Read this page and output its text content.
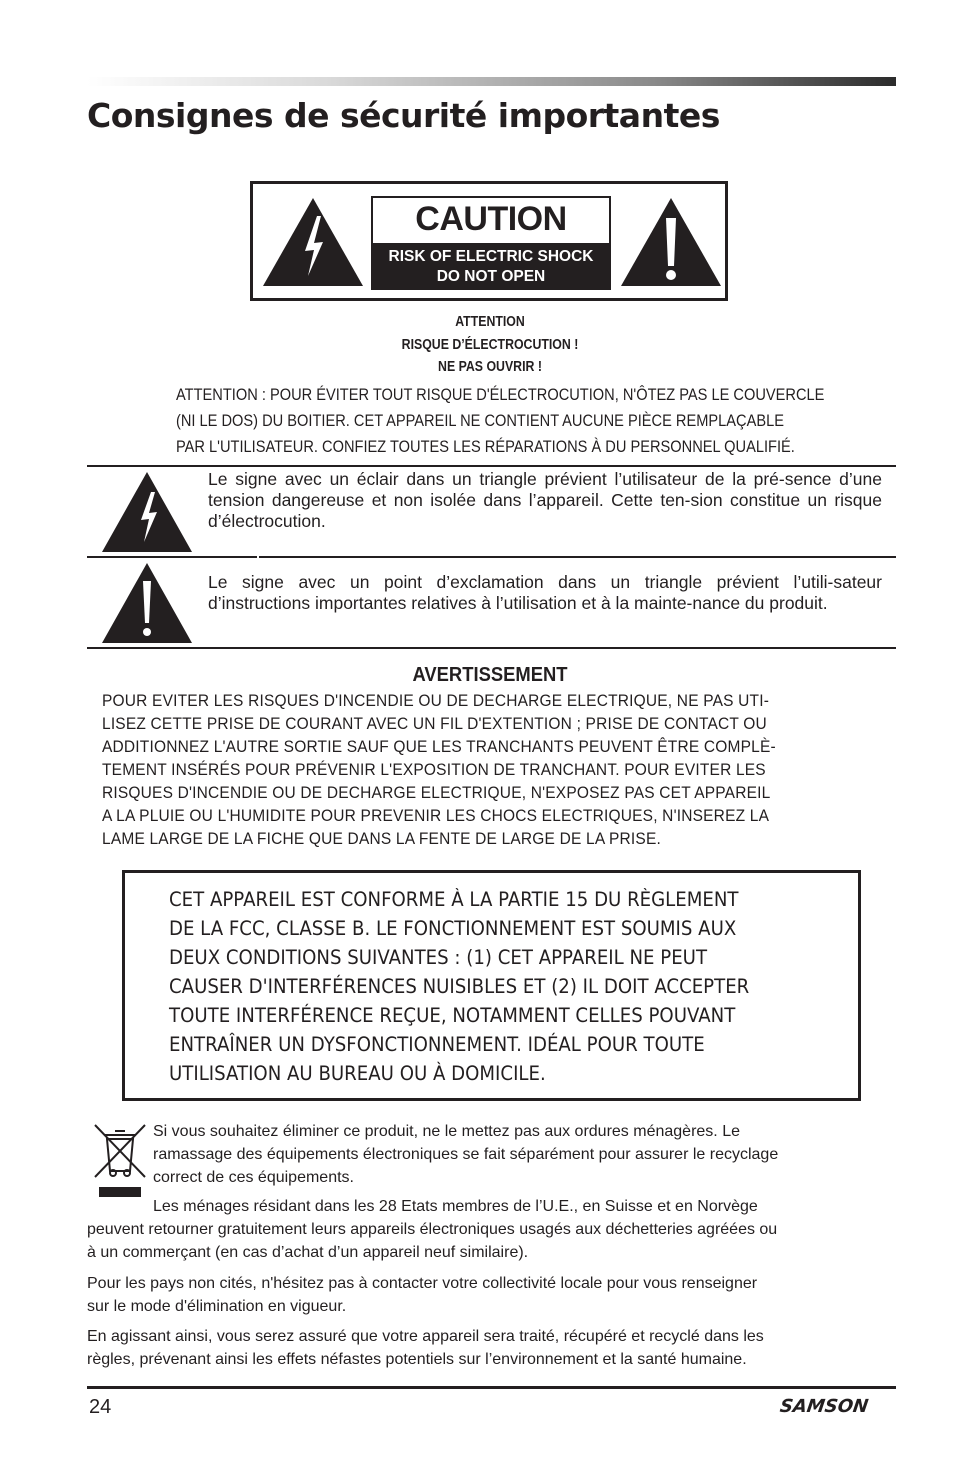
Consignes de sécurité importantes
CAUTION
RISK OF ELECTRIC SHOCK
DO NOT OPEN
ATTENTION
RISQUE D’ÉLECTROCUTION !
NE PAS OUVRIR !
ATTENTION : POUR ÉVITER TOUT RISQUE D'ÉLECTROCUTION, N'ÔTEZ PAS LE COUVERCLE
(NI LE DOS) DU BOITIER. CET APPAREIL NE CONTIENT AUCUNE PIÈCE REMPLAÇABLE
PAR L'UTILISATEUR. CONFIEZ TOUTES LES RÉPARATIONS À DU PERSONNEL QUALIFIÉ.
Le signe avec un éclair dans un triangle prévient l’utilisateur de la pré-sence d’une tension dangereuse et non isolée dans l’appareil. Cette ten-sion constitue un risque d’électrocution.
Le signe avec un point d’exclamation dans un triangle prévient l’utili-sateur d’instructions importantes relatives à l’utilisation et à la mainte-nance du produit.
AVERTISSEMENT
POUR EVITER LES RISQUES D'INCENDIE OU DE DECHARGE ELECTRIQUE, NE PAS UTI-
LISEZ CETTE PRISE DE COURANT AVEC UN FIL D'EXTENTION ; PRISE DE CONTACT OU
ADDITIONNEZ L'AUTRE SORTIE SAUF QUE LES TRANCHANTS PEUVENT ÊTRE COMPLÈ-
TEMENT INSÉRÉS POUR PRÉVENIR L'EXPOSITION DE TRANCHANT. POUR EVITER LES
RISQUES D'INCENDIE OU DE DECHARGE ELECTRIQUE, N'EXPOSEZ PAS CET APPAREIL
A LA PLUIE OU L'HUMIDITE POUR PREVENIR LES CHOCS ELECTRIQUES, N'INSEREZ LA
LAME LARGE DE LA FICHE QUE DANS LA FENTE DE LARGE DE LA PRISE.
CET APPAREIL EST CONFORME À LA PARTIE 15 DU RÈGLEMENT
DE LA FCC, CLASSE B. LE FONCTIONNEMENT EST SOUMIS AUX
DEUX CONDITIONS SUIVANTES : (1) CET APPAREIL NE PEUT
CAUSER D'INTERFÉRENCES NUISIBLES ET (2) IL DOIT ACCEPTER
TOUTE INTERFÉRENCE REÇUE, NOTAMMENT CELLES POUVANT
ENTRAÎNER UN DYSFONCTIONNEMENT. IDÉAL POUR TOUTE
UTILISATION AU BUREAU OU À DOMICILE.
Si vous souhaitez éliminer ce produit, ne le mettez pas aux ordures ménagères. Le
ramassage des équipements électroniques se fait séparément pour assurer le recyclage
correct de ces équipements.
Les ménages résidant dans les 28 Etats membres de l’U.E., en Suisse et en Norvège
peuvent retourner gratuitement leurs appareils électroniques usagés aux déchetteries agréées ou
à un commerçant (en cas d’achat d’un appareil neuf similaire).
Pour les pays non cités, n'hésitez pas à contacter votre collectivité locale pour vous renseigner
sur le mode d'élimination en vigueur.
En agissant ainsi, vous serez assuré que votre appareil sera traité, récupéré et recyclé dans les
règles, prévenant ainsi les effets néfastes potentiels sur l’environnement et la santé humaine.
24	SAMSON
